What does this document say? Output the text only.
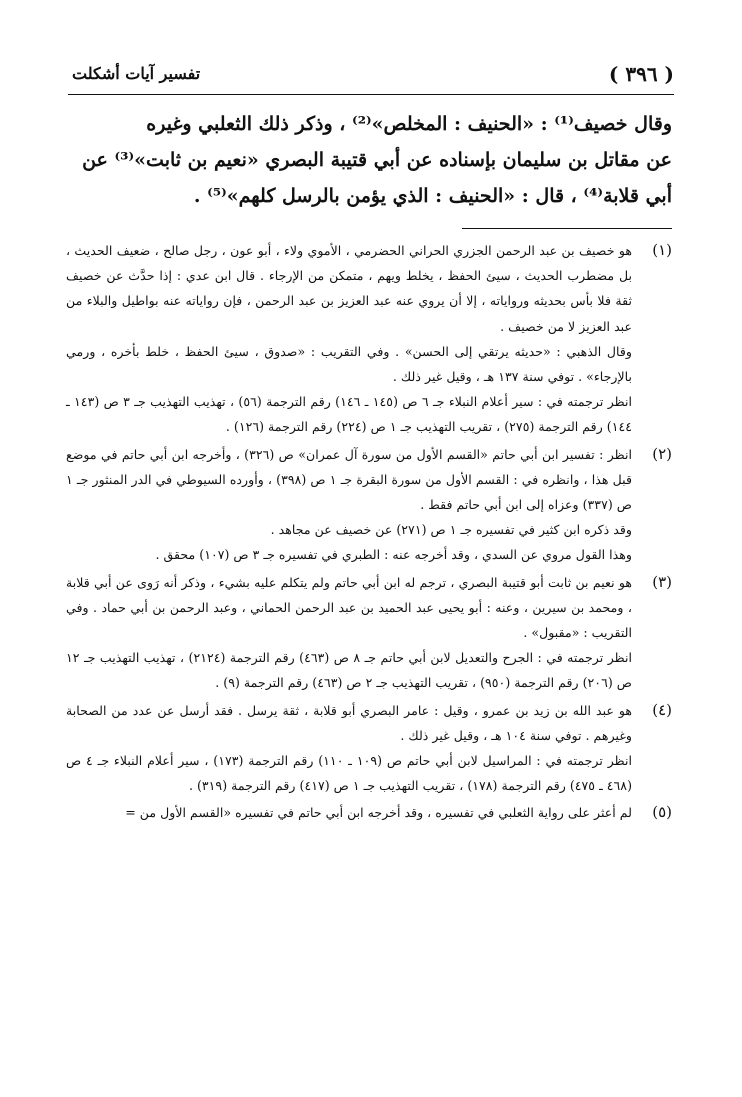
( ٣٩٦ )
تفسير آيات أشكلت

وقال خصيف⁽¹⁾ : «الحنيف : المخلص»⁽²⁾ ، وذكر ذلك الثعلبي وغيره

عن مقاتل بن سليمان بإسناده عن أبي قتيبة البصري «نعيم بن ثابت»⁽³⁾ عن

أبي قلابة⁽⁴⁾ ، قال : «الحنيف : الذي يؤمن بالرسل كلهم»⁽⁵⁾ .

(١)

هو خصيف بن عبد الرحمن الجزري الحراني الحضرمي ، الأموي ولاء ، أبو عون ، رجل صالح ، ضعيف الحديث ، بل مضطرب الحديث ، سيئ الحفظ ، يخلط ويهم ، متمكن من الإرجاء . قال ابن عدي : إذا حدَّث عن خصيف ثقة فلا بأس بحديثه ورواياته ، إلا أن يروي عنه عبد العزيز بن عبد الرحمن ، فإن رواياته عنه بواطيل والبلاء من عبد العزيز لا من خصيف .

وقال الذهبي : «حديثه يرتقي إلى الحسن» . وفي التقريب : «صدوق ، سيئ الحفظ ، خلط بأخره ، ورمي بالإرجاء» . توفي سنة ١٣٧ هـ ، وقيل غير ذلك .

انظر ترجمته في : سير أعلام النبلاء جـ ٦ ص (١٤٥ ـ ١٤٦) رقم الترجمة (٥٦) ، تهذيب التهذيب جـ ٣ ص (١٤٣ ـ ١٤٤) رقم الترجمة (٢٧٥) ، تقريب التهذيب جـ ١ ص (٢٢٤) رقم الترجمة (١٢٦) .

(٢)

انظر : تفسير ابن أبي حاتم «القسم الأول من سورة آل عمران» ص (٣٢٦) ، وأخرجه ابن أبي حاتم في موضع قبل هذا ، وانظره في : القسم الأول من سورة البقرة جـ ١ ص (٣٩٨) ، وأورده السيوطي في الدر المنثور جـ ١ ص (٣٣٧) وعزاه إلى ابن أبي حاتم فقط .

وقد ذكره ابن كثير في تفسيره جـ ١ ص (٢٧١) عن خصيف عن مجاهد .

وهذا القول مروي عن السدي ، وقد أخرجه عنه : الطبري في تفسيره جـ ٣ ص (١٠٧) محقق .

(٣)

هو نعيم بن ثابت أبو قتيبة البصري ، ترجم له ابن أبي حاتم ولم يتكلم عليه بشيء ، وذكر أنه رَوى عن أبي قلابة ، ومحمد بن سيرين ، وعنه : أبو يحيى عبد الحميد بن عبد الرحمن الحماني ، وعبد الرحمن بن أبي حماد . وفي التقريب : «مقبول» .

انظر ترجمته في : الجرح والتعديل لابن أبي حاتم جـ ٨ ص (٤٦٣) رقم الترجمة (٢١٢٤) ، تهذيب التهذيب جـ ١٢ ص (٢٠٦) رقم الترجمة (٩٥٠) ، تقريب التهذيب جـ ٢ ص (٤٦٣) رقم الترجمة (٩) .

(٤)

هو عبد الله بن زيد بن عمرو ، وقيل : عامر البصري أبو قلابة ، ثقة يرسل . فقد أرسل عن عدد من الصحابة وغيرهم . توفي سنة ١٠٤ هـ ، وقيل غير ذلك .

انظر ترجمته في : المراسيل لابن أبي حاتم ص (١٠٩ ـ ١١٠) رقم الترجمة (١٧٣) ، سير أعلام النبلاء جـ ٤ ص (٤٦٨ ـ ٤٧٥) رقم الترجمة (١٧٨) ، تقريب التهذيب جـ ١ ص (٤١٧) رقم الترجمة (٣١٩) .

(٥)

لم أعثر على رواية الثعلبي في تفسيره ، وقد أخرجه ابن أبي حاتم في تفسيره «القسم الأول من =
